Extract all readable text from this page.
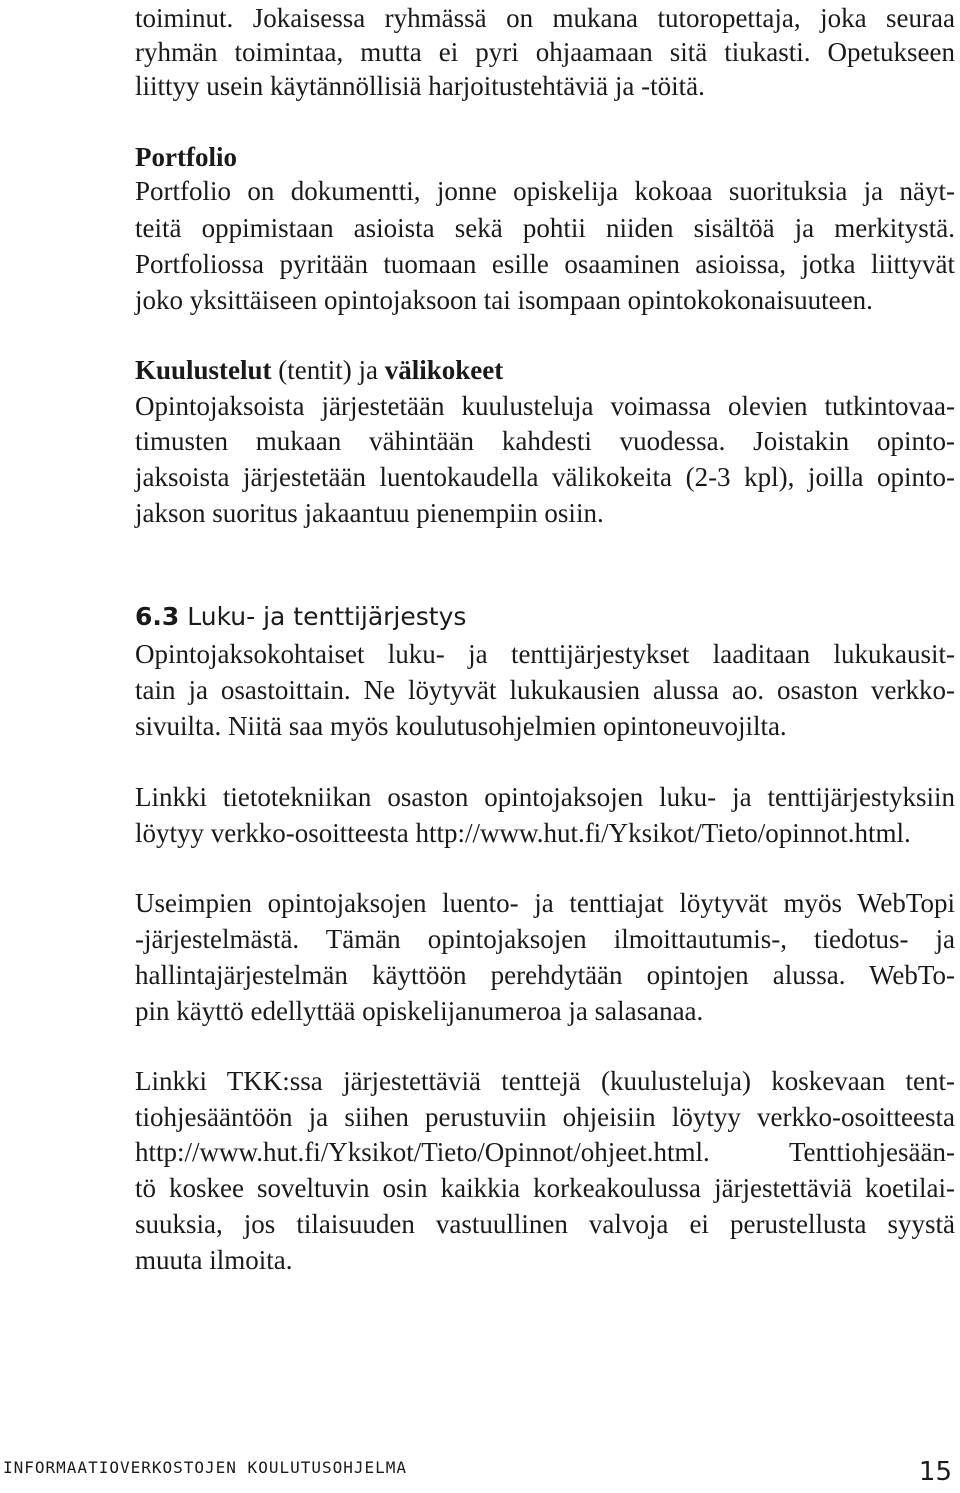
toiminut. Jokaisessa ryhmässä on mukana tutoropettaja, joka seuraa
ryhmän toimintaa, mutta ei pyri ohjaamaan sitä tiukasti. Opetukseen
liittyy usein käytännöllisiä harjoitustehtäviä ja -töitä.
Portfolio
Portfolio on dokumentti, jonne opiskelija kokoaa suorituksia ja näyt-
teitä oppimistaan asioista sekä pohtii niiden sisältöä ja merkitystä.
Portfoliossa pyritään tuomaan esille osaaminen asioissa, jotka liittyvät
joko yksittäiseen opintojaksoon tai isompaan opintokokonaisuuteen.
Kuulustelut (tentit) ja välikokeet
Opintojaksoista järjestetään kuulusteluja voimassa olevien tutkintovaa-
timusten mukaan vähintään kahdesti vuodessa. Joistakin opinto-
jaksoista järjestetään luentokaudella välikokeita (2-3 kpl), joilla opinto-
jakson suoritus jakaantuu pienempiin osiin.
6.3 Luku- ja tenttijärjestys
Opintojaksokohtaiset luku- ja tenttijärjestykset laaditaan lukukausit-
tain ja osastoittain. Ne löytyvät lukukausien alussa ao. osaston verkko-
sivuilta. Niitä saa myös koulutusohjelmien opintoneuvojilta.
Linkki tietotekniikan osaston opintojaksojen luku- ja tenttijärjestyksiin
löytyy verkko-osoitteesta http://www.hut.fi/Yksikot/Tieto/opinnot.html.
Useimpien opintojaksojen luento- ja tenttiajat löytyvät myös WebTopi
-järjestelmästä. Tämän opintojaksojen ilmoittautumis-, tiedotus- ja
hallintajärjestelmän käyttöön perehdytään opintojen alussa. WebTo-
pin käyttö edellyttää opiskelijanumeroa ja salasanaa.
Linkki TKK:ssa järjestettäviä tenttejä (kuulusteluja) koskevaan tent-
tiohjesääntöön ja siihen perustuviin ohjeisiin löytyy verkko-osoitteesta
http://www.hut.fi/Yksikot/Tieto/Opinnot/ohjeet.html. Tenttiohjesään-
tö koskee soveltuvin osin kaikkia korkeakoulussa järjestettäviä koetilai-
suuksia, jos tilaisuuden vastuullinen valvoja ei perustellusta syystä
muuta ilmoita.
INFORMAATIOVERKOSTOJEN KOULUTUSOHJELMA	15
